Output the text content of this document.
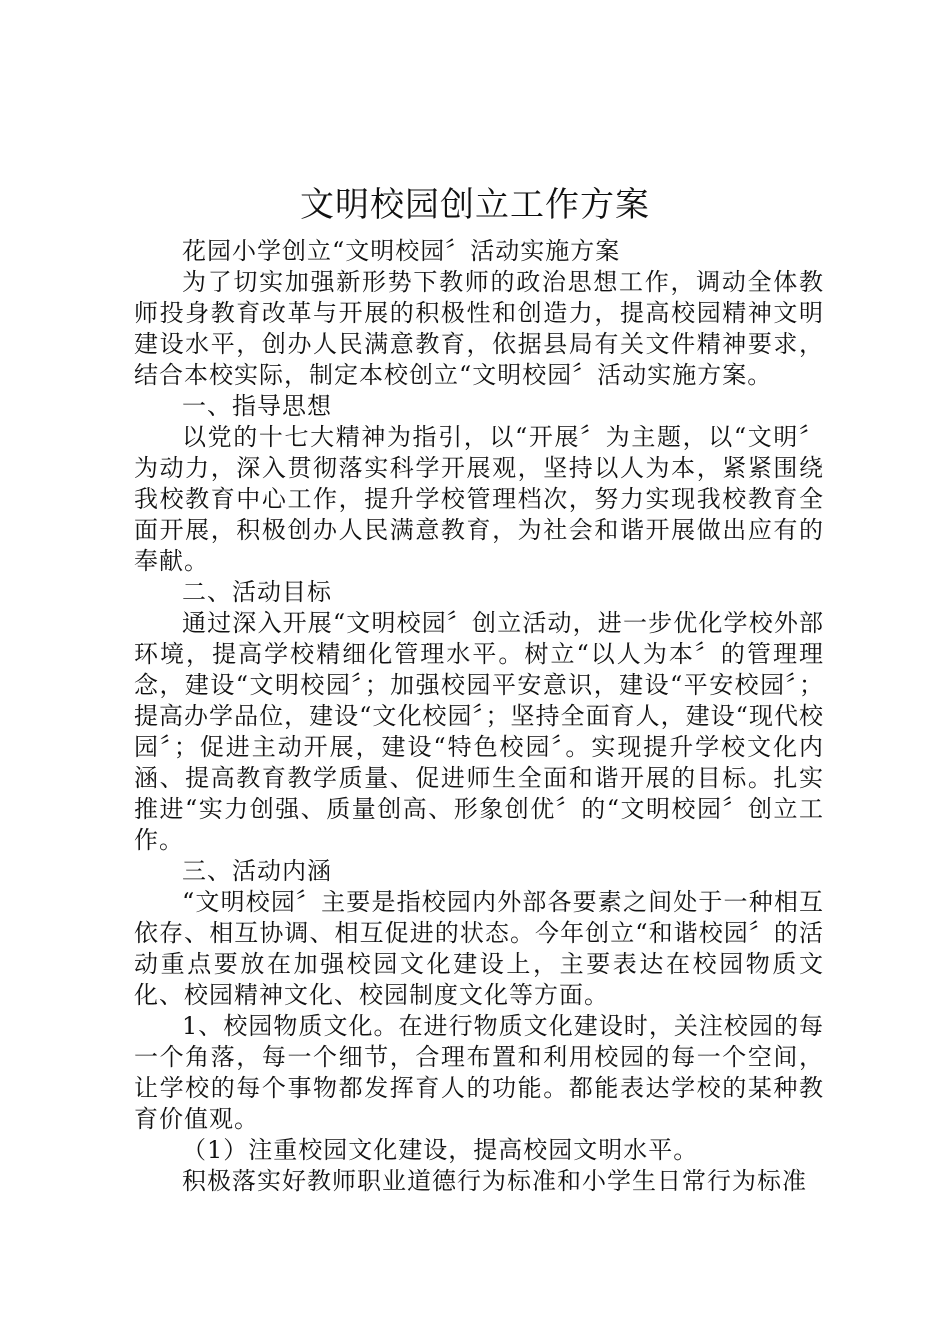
文明校园创立工作方案

花园小学创立“文明校园〞活动实施方案

为了切实加强新形势下教师的政治思想工作，调动全体教师投身教育改革与开展的积极性和创造力，提高校园精神文明建设水平，创办人民满意教育，依据县局有关文件精神要求，结合本校实际，制定本校创立“文明校园〞活动实施方案。

一、指导思想

以党的十七大精神为指引，以“开展〞为主题，以“文明〞为动力，深入贯彻落实科学开展观，坚持以人为本，紧紧围绕我校教育中心工作，提升学校管理档次，努力实现我校教育全面开展，积极创办人民满意教育，为社会和谐开展做出应有的奉献。

二、活动目标

通过深入开展“文明校园〞创立活动，进一步优化学校外部环境，提高学校精细化管理水平。树立“以人为本〞的管理理念，建设“文明校园〞；加强校园平安意识，建设“平安校园〞；提高办学品位，建设“文化校园〞；坚持全面育人，建设“现代校园〞；促进主动开展，建设“特色校园〞。实现提升学校文化内涵、提高教育教学质量、促进师生全面和谐开展的目标。扎实推进“实力创强、质量创高、形象创优〞的“文明校园〞创立工作。

三、活动内涵

“文明校园〞主要是指校园内外部各要素之间处于一种相互依存、相互协调、相互促进的状态。今年创立“和谐校园〞的活动重点要放在加强校园文化建设上，主要表达在校园物质文化、校园精神文化、校园制度文化等方面。

1、校园物质文化。在进行物质文化建设时，关注校园的每一个角落，每一个细节，合理布置和利用校园的每一个空间，让学校的每个事物都发挥育人的功能。都能表达学校的某种教育价值观。

（1）注重校园文化建设，提高校园文明水平。

积极落实好教师职业道德行为标准和小学生日常行为标准
